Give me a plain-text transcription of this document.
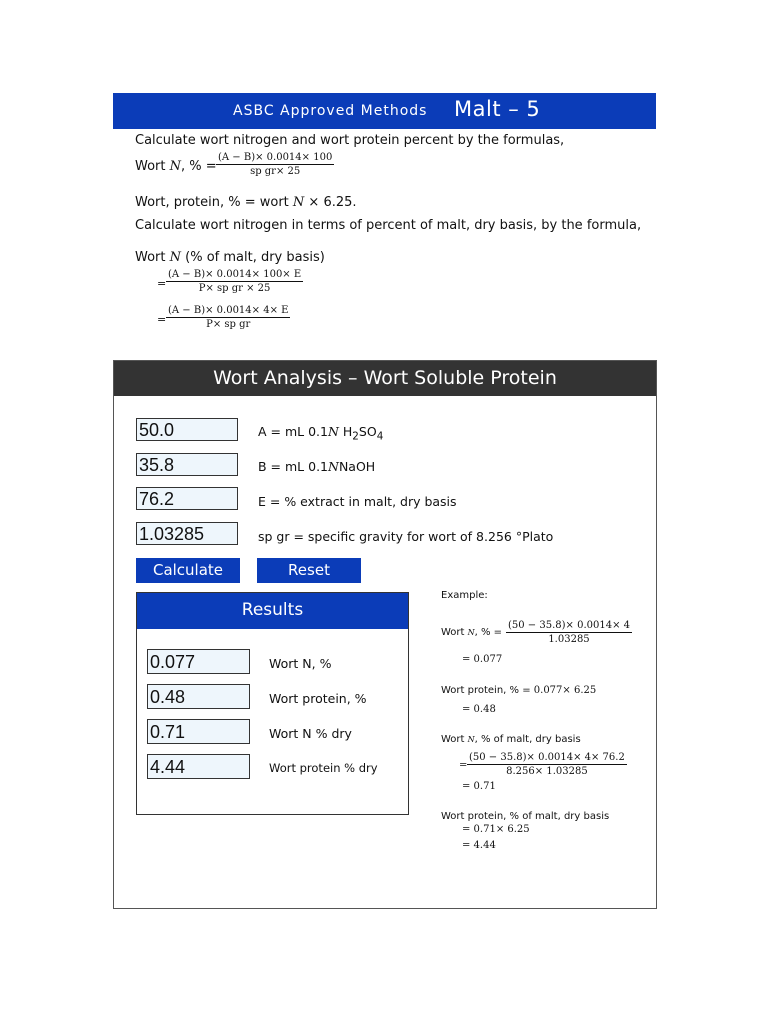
ASBC Approved Methods Malt – 5
Calculate wort nitrogen and wort protein percent by the formulas,
Wort N, % =
(A − B)× 0.0014× 100
sp gr× 25
Wort, protein, % = wort N × 6.25.
Calculate wort nitrogen in terms of percent of malt, dry basis, by the formula,
Wort N (% of malt, dry basis)
=
(A − B)× 0.0014× 100× E
P× sp gr × 25
=
(A − B)× 0.0014× 4× E
P× sp gr
Wort Analysis – Wort Soluble Protein
50.0	A = mL 0.1N $H_2SO_4$
35.8	B = mL 0.1NNaOH
76.2	E = % extract in malt, dry basis
1.03285	sp gr = specific gravity for wort of 8.256 °Plato
Calculate	Reset
Results
0.077	Wort N, %
0.48	Wort protein, %
0.71	Wort N % dry
4.44	Wort protein % dry
Example:
Wort N, % =
(50 − 35.8)× 0.0014× 4
1.03285
= 0.077
Wort protein, % = 0.077× 6.25
= 0.48
Wort N, % of malt, dry basis
=
(50 − 35.8)× 0.0014× 4× 76.2
8.256× 1.03285
= 0.71
Wort protein, % of malt, dry basis
= 0.71× 6.25
= 4.44
